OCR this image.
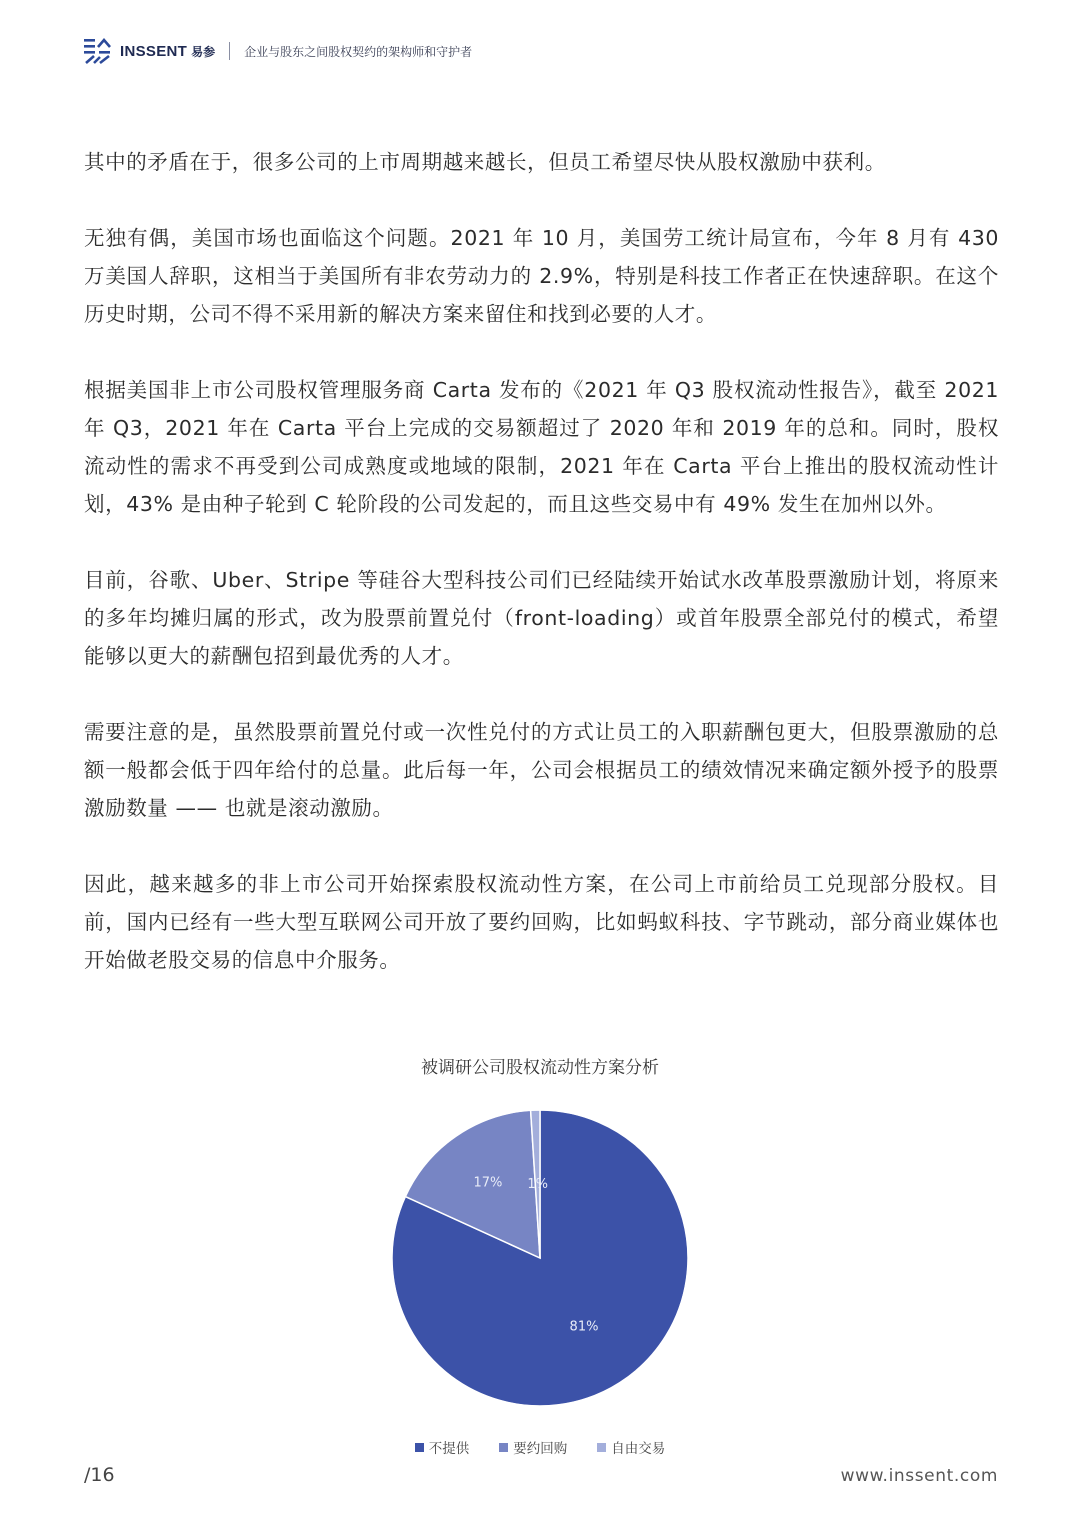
INSSENT 易参 企业与股东之间股权契约的架构师和守护者

其中的矛盾在于，很多公司的上市周期越来越长，但员工希望尽快从股权激励中获利。

无独有偶，美国市场也面临这个问题。2021 年 10 月，美国劳工统计局宣布，今年 8 月有 430 万美国人辞职，这相当于美国所有非农劳动力的 2.9%，特别是科技工作者正在快速辞职。在这个历史时期，公司不得不采用新的解决方案来留住和找到必要的人才。

根据美国非上市公司股权管理服务商 Carta 发布的《2021 年 Q3 股权流动性报告》，截至 2021 年 Q3，2021 年在 Carta 平台上完成的交易额超过了 2020 年和 2019 年的总和。同时，股权流动性的需求不再受到公司成熟度或地域的限制，2021 年在 Carta 平台上推出的股权流动性计划，43% 是由种子轮到 C 轮阶段的公司发起的，而且这些交易中有 49% 发生在加州以外。

目前，谷歌、Uber、Stripe 等硅谷大型科技公司们已经陆续开始试水改革股票激励计划，将原来的多年均摊归属的形式，改为股票前置兑付（front-loading）或首年股票全部兑付的模式，希望能够以更大的薪酬包招到最优秀的人才。

需要注意的是，虽然股票前置兑付或一次性兑付的方式让员工的入职薪酬包更大，但股票激励的总额一般都会低于四年给付的总量。此后每一年，公司会根据员工的绩效情况来确定额外授予的股票激励数量 —— 也就是滚动激励。

因此，越来越多的非上市公司开始探索股权流动性方案，在公司上市前给员工兑现部分股权。目前，国内已经有一些大型互联网公司开放了要约回购，比如蚂蚁科技、字节跳动，部分商业媒体也开始做老股交易的信息中介服务。

被调研公司股权流动性方案分析
81%
17% 1%
不提供	要约回购	自由交易
/16	www.inssent.com
